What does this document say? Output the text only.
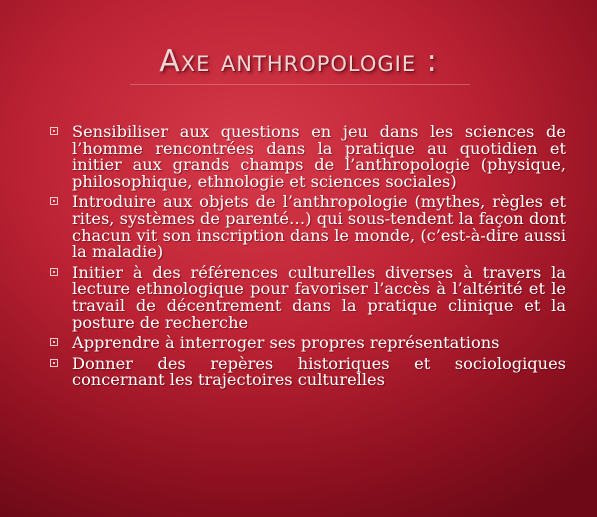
Axe anthropologie :
Sensibiliser aux questions en jeu dans les sciences de l’homme rencontrées dans la pratique au quotidien et initier aux grands champs de l’anthropologie (physique, philosophique, ethnologie et sciences sociales)
Introduire aux objets de l’anthropologie (mythes, règles et rites, systèmes de parenté…) qui sous-tendent la façon dont chacun vit son inscription dans le monde, (c’est-à-dire aussi la maladie)
Initier à des références culturelles diverses à travers la lecture ethnologique pour favoriser l’accès à l’altérité et le travail de décentrement dans la pratique clinique et la posture de recherche
Apprendre à interroger ses propres représentations
Donner des repères historiques et sociologiques concernant les trajectoires culturelles
